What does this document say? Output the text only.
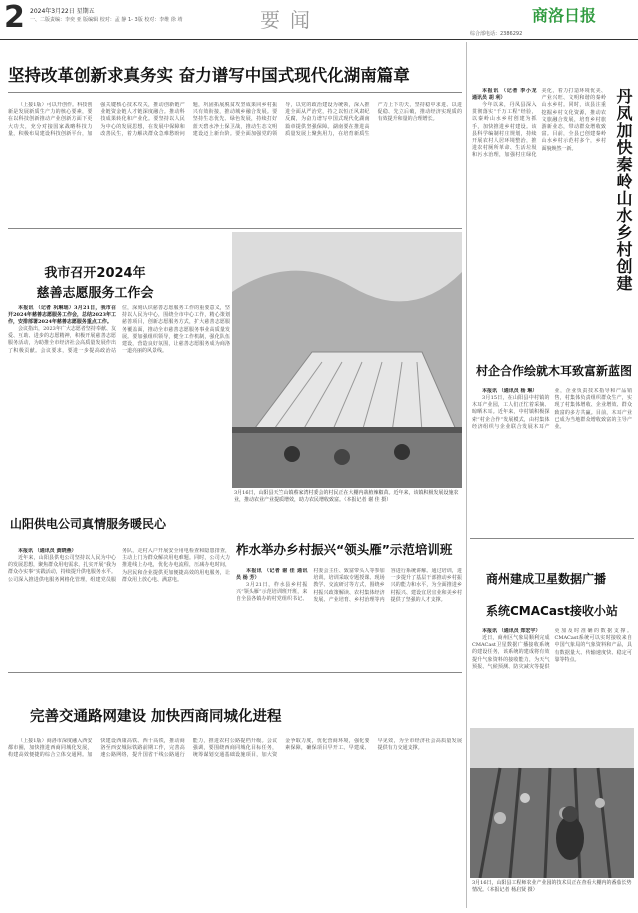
2 2024年3月22日 星期五
一、二版责编：李奕 亚 版编辑 校对：孟 静 1- 3版 校对：李维 徐 靖	要闻	商洛日报
综合部电话：2386292
坚持改革创新求真务实 奋力谱写中国式现代化湖南篇章

（上接1版）可以开创作。科技创新是发展新质生产力的核心要素，要在以科技创新推动产业创新方面下更大功夫，充分对接国家战略科技力量，积极布局建设科技创新平台，加强关键核心技术攻关，推动创新链产业链资金链人才链深度融合。推动科技成果转化和产业化。要坚持以人民为中心的发展思想，在发展中保障和改善民生，着力解决群众急难愁盼问题，巩固拓展脱贫攻坚成果同乡村振兴有效衔接，推动城乡融合发展。要坚持生态优先、绿色发展，持续打好蓝天碧水净土保卫战，推动生态文明建设迈上新台阶。要全面加强党的领导，以党的政治建设为统领，深入推进全面从严治党，持之以恒正风肃纪反腐，为奋力谱写中国式现代化湖南篇章提供坚强保障。湖南要在推进高质量发展上聚焦用力，在培育新质生产力上下功夫，坚持稳中求进、以进促稳、先立后破，推动经济实现质的有效提升和量的合理增长。

我市召开2024年
慈善志愿服务工作会

本报讯 （记者 巩琳瑶）3月21日，我市召开2024年慈善志愿服务工作会，总结2023年工作，安排部署2024年慈善志愿服务重点工作。

会议指出，2023年广大志愿者坚持奉献、友爱、互助、进步的志愿精神，积极开展慈善志愿服务活动，为助推全市经济社会高质量发展作出了积极贡献。会议要求，要进一步提高政治站位，深刻认识慈善志愿服务工作的重要意义，坚持以人民为中心，围绕全市中心工作，精心策划慈善项目，创新志愿服务方式，扩大慈善志愿服务覆盖面，推动全市慈善志愿服务事业高质量发展。要加强组织领导，健全工作机制，强化队伍建设，营造良好氛围，让慈善志愿服务成为商洛一道亮丽的风景线。

3月16日，山阳县天竺山镇蔡家湾村委会的村民正在大棚内栽植辣椒苗。近年来，该镇积极发展设施农业，推动农业产业提质增效，助力农民增收致富。（本报记者 谢 佳 摄）
山阳供电公司真情服务暖民心

本报讯 （通讯员 黄晓燕）

近年来，山阳县供电公司坚持以人民为中心的发展思想，聚焦群众用电需求，扎实开展“我为群众办实事”实践活动，持续提升供电服务水平。公司深入推进供电服务网格化管理，组建党员服务队，走村入户开展安全用电检查和隐患排查，主动上门为群众解决用电难题。同时，公司大力推进线上办电，优化办电流程，压减办电时间，为居民和企业提供更加便捷高效的用电服务，让群众用上放心电、满意电。

柞水举办乡村振兴“领头雁”示范培训班

本报讯 （记者 谢 佳 通讯员 杨 芳）

3月21日，柞水县乡村振兴“领头雁”示范培训班开班，来自全县各镇办的村党组织书记、村委会主任、致富带头人等参加培训。培训采取专题授课、现场教学、交流研讨等方式，围绕乡村振兴政策解读、农村集体经济发展、产业培育、乡村治理等内容进行系统讲解。通过培训，进一步提升了基层干部推动乡村振兴的能力和水平，为全面推进乡村振兴、建设宜居宜业和美乡村提供了坚强的人才支撑。

完善交通路网建设 加快西商同城化进程

（上接1版）商洛市深度融入西安都市圈，加快推进西商同城化发展，构建高效便捷的综合立体交通网。加快建设西康高铁、西十高铁，推动商洛至西安城际铁路前期工作，完善高速公路网络，提升国省干线公路通行能力，推进农村公路提档升级。会议强调，要围绕西商同城化目标任务，统筹谋划交通基础设施项目，加大资金争取力度，优化营商环境，强化要素保障，确保项目早开工、早建成、早见效，为全市经济社会高质量发展提供有力交通支撑。

丹凤加快秦岭山水乡村创建

本报讯 （记者 李小龙 通讯员 胡 利）

今年以来，丹凤县深入贯彻落实“千万工程”经验，以秦岭山水乡村创建为抓手，加快推进乡村建设。该县科学编制村庄规划，持续开展农村人居环境整治，推进农村厕所革命、生活垃圾和污水治理，加强村庄绿化美化，着力打造环境优美、产业兴旺、文明和谐的秦岭山水乡村。同时，该县注重挖掘乡村文化资源，推动农文旅融合发展，培育乡村旅游新业态，带动群众增收致富。目前，全县已创建秦岭山水乡村示范村多个，乡村面貌焕然一新。

村企合作绘就木耳致富新蓝图

本报讯 （通讯员 杨 琳）

3月15日，在山阳县中村镇的木耳产业园，工人们正忙着采摘、晾晒木耳。近年来，中村镇积极探索“村企合作”发展模式，由村集体经济组织与企业联合发展木耳产业，企业负责技术指导和产品销售，村集体负责组织群众生产，实现了村集体增收、企业增效、群众致富的多方共赢。目前，木耳产业已成为当地群众增收致富的主导产业。

商州建成卫星数据广播
系统CMACast接收小站

本报讯 （通讯员 郑宏宇）

近日，商州区气象局顺利完成CMACast卫星数据广播接收系统的建设任务，该系统的建成将有效提升气象资料的接收能力，为天气预报、气候预测、防灾减灾等提供更加及时准确的数据支撑。CMACast系统可以实时接收来自中国气象局的气象资料和产品，具有数据量大、传输速度快、稳定可靠等特点。

3月16日，山阳县工程师农业产业园的技术员正在查看大棚内的番茄长势情况。（本报记者 杨启贤 摄）
